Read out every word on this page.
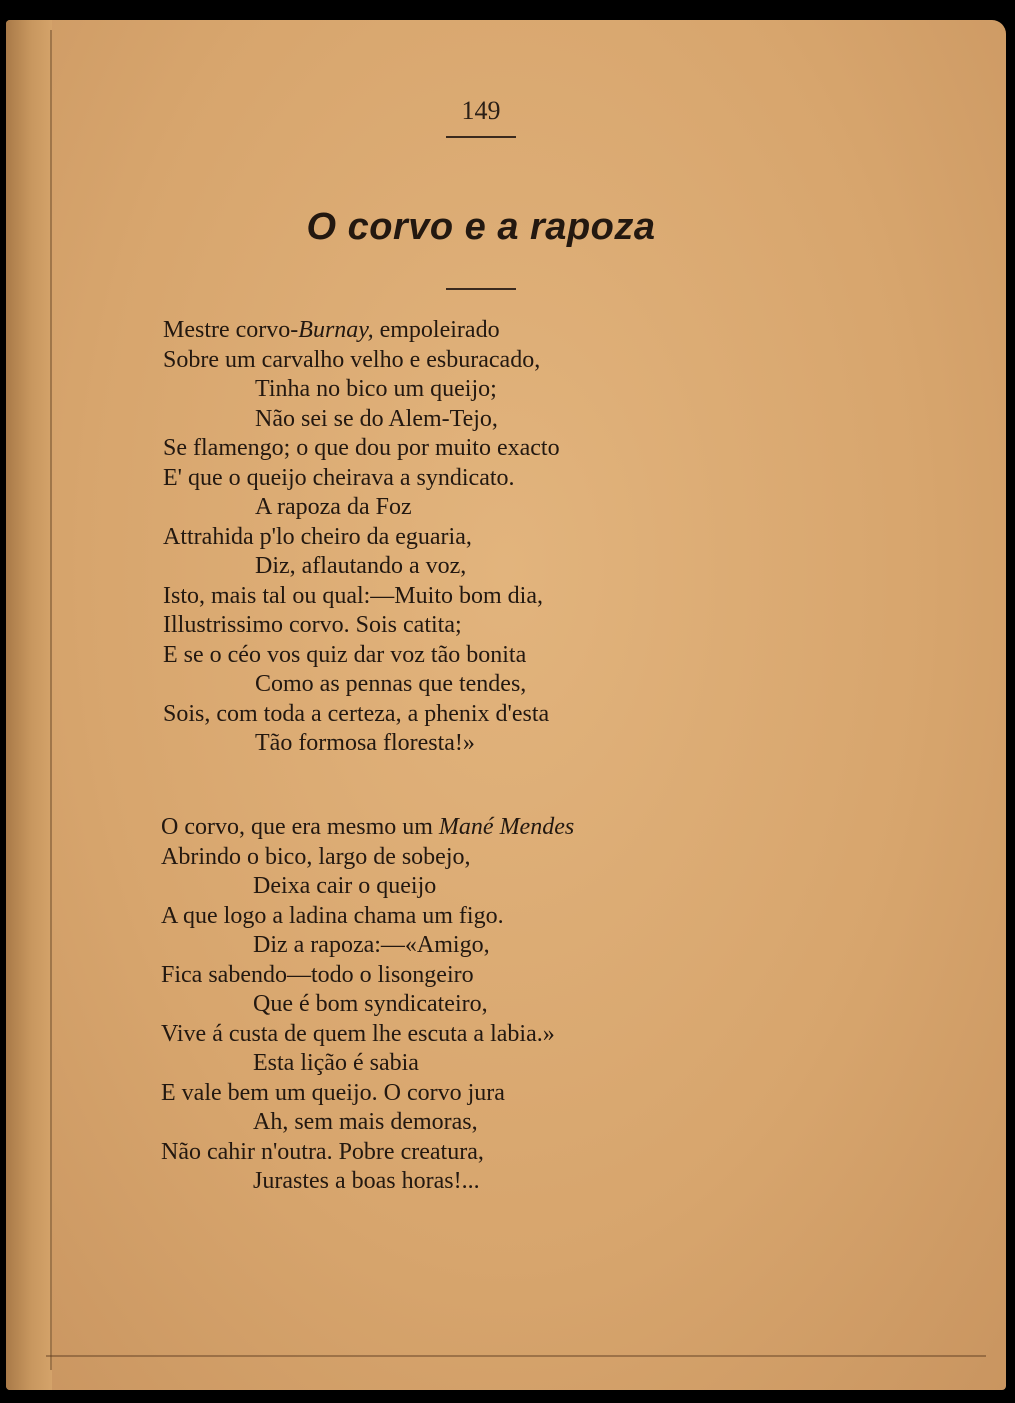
149
O corvo e a rapoza
Mestre corvo-Burnay, empoleirado
Sobre um carvalho velho e esburacado,
Tinha no bico um queijo;
Não sei se do Alem-Tejo,
Se flamengo; o que dou por muito exacto
E' que o queijo cheirava a syndicato.
A rapoza da Foz
Attrahida p'lo cheiro da eguaria,
Diz, aflautando a voz,
Isto, mais tal ou qual:—Muito bom dia,
Illustrissimo corvo. Sois catita;
E se o céo vos quiz dar voz tão bonita
Como as pennas que tendes,
Sois, com toda a certeza, a phenix d'esta
Tão formosa floresta!»
O corvo, que era mesmo um Mané Mendes
Abrindo o bico, largo de sobejo,
Deixa cair o queijo
A que logo a ladina chama um figo.
Diz a rapoza:—«Amigo,
Fica sabendo—todo o lisongeiro
Que é bom syndicateiro,
Vive á custa de quem lhe escuta a labia.»
Esta lição é sabia
E vale bem um queijo. O corvo jura
Ah, sem mais demoras,
Não cahir n'outra. Pobre creatura,
Jurastes a boas horas!...
